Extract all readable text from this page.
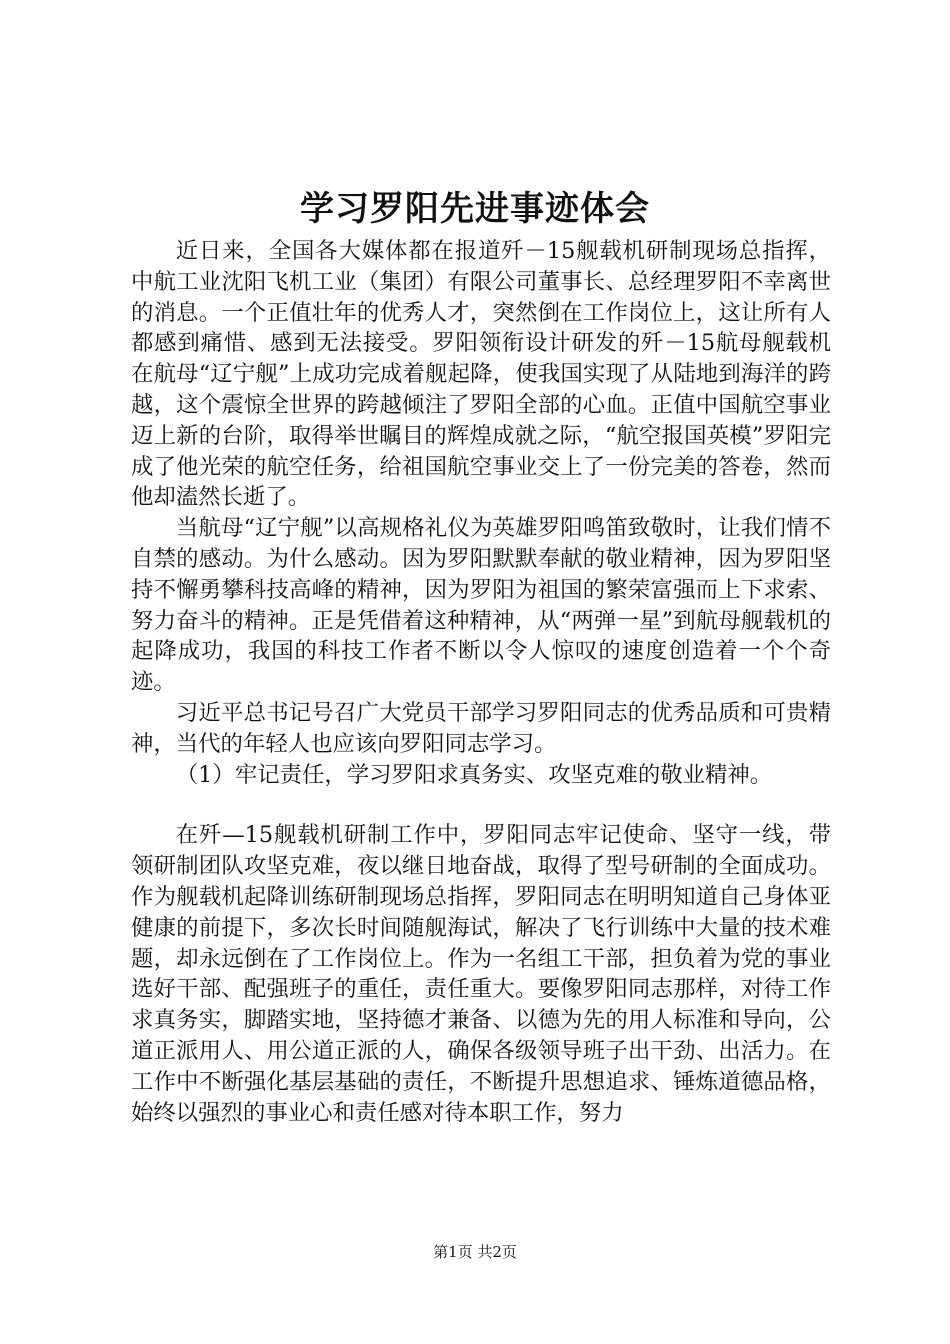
学习罗阳先进事迹体会

近日来，全国各大媒体都在报道歼－15舰载机研制现场总指挥，中航工业沈阳飞机工业（集团）有限公司董事长、总经理罗阳不幸离世的消息。一个正值壮年的优秀人才，突然倒在工作岗位上，这让所有人都感到痛惜、感到无法接受。罗阳领衔设计研发的歼－15航母舰载机在航母“辽宁舰”上成功完成着舰起降，使我国实现了从陆地到海洋的跨越，这个震惊全世界的跨越倾注了罗阳全部的心血。正值中国航空事业迈上新的台阶，取得举世瞩目的辉煌成就之际，“航空报国英模”罗阳完成了他光荣的航空任务，给祖国航空事业交上了一份完美的答卷，然而他却溘然长逝了。

当航母“辽宁舰”以高规格礼仪为英雄罗阳鸣笛致敬时，让我们情不自禁的感动。为什么感动。因为罗阳默默奉献的敬业精神，因为罗阳坚持不懈勇攀科技高峰的精神，因为罗阳为祖国的繁荣富强而上下求索、努力奋斗的精神。正是凭借着这种精神，从“两弹一星”到航母舰载机的起降成功，我国的科技工作者不断以令人惊叹的速度创造着一个个奇迹。

习近平总书记号召广大党员干部学习罗阳同志的优秀品质和可贵精神，当代的年轻人也应该向罗阳同志学习。

（1）牢记责任，学习罗阳求真务实、攻坚克难的敬业精神。

在歼—15舰载机研制工作中，罗阳同志牢记使命、坚守一线，带领研制团队攻坚克难，夜以继日地奋战，取得了型号研制的全面成功。作为舰载机起降训练研制现场总指挥，罗阳同志在明明知道自己身体亚健康的前提下，多次长时间随舰海试，解决了飞行训练中大量的技术难题，却永远倒在了工作岗位上。作为一名组工干部，担负着为党的事业选好干部、配强班子的重任，责任重大。要像罗阳同志那样，对待工作求真务实，脚踏实地，坚持德才兼备、以德为先的用人标准和导向，公道正派用人、用公道正派的人，确保各级领导班子出干劲、出活力。在工作中不断强化基层基础的责任，不断提升思想追求、锤炼道德品格，始终以强烈的事业心和责任感对待本职工作，努力

第1页 共2页
